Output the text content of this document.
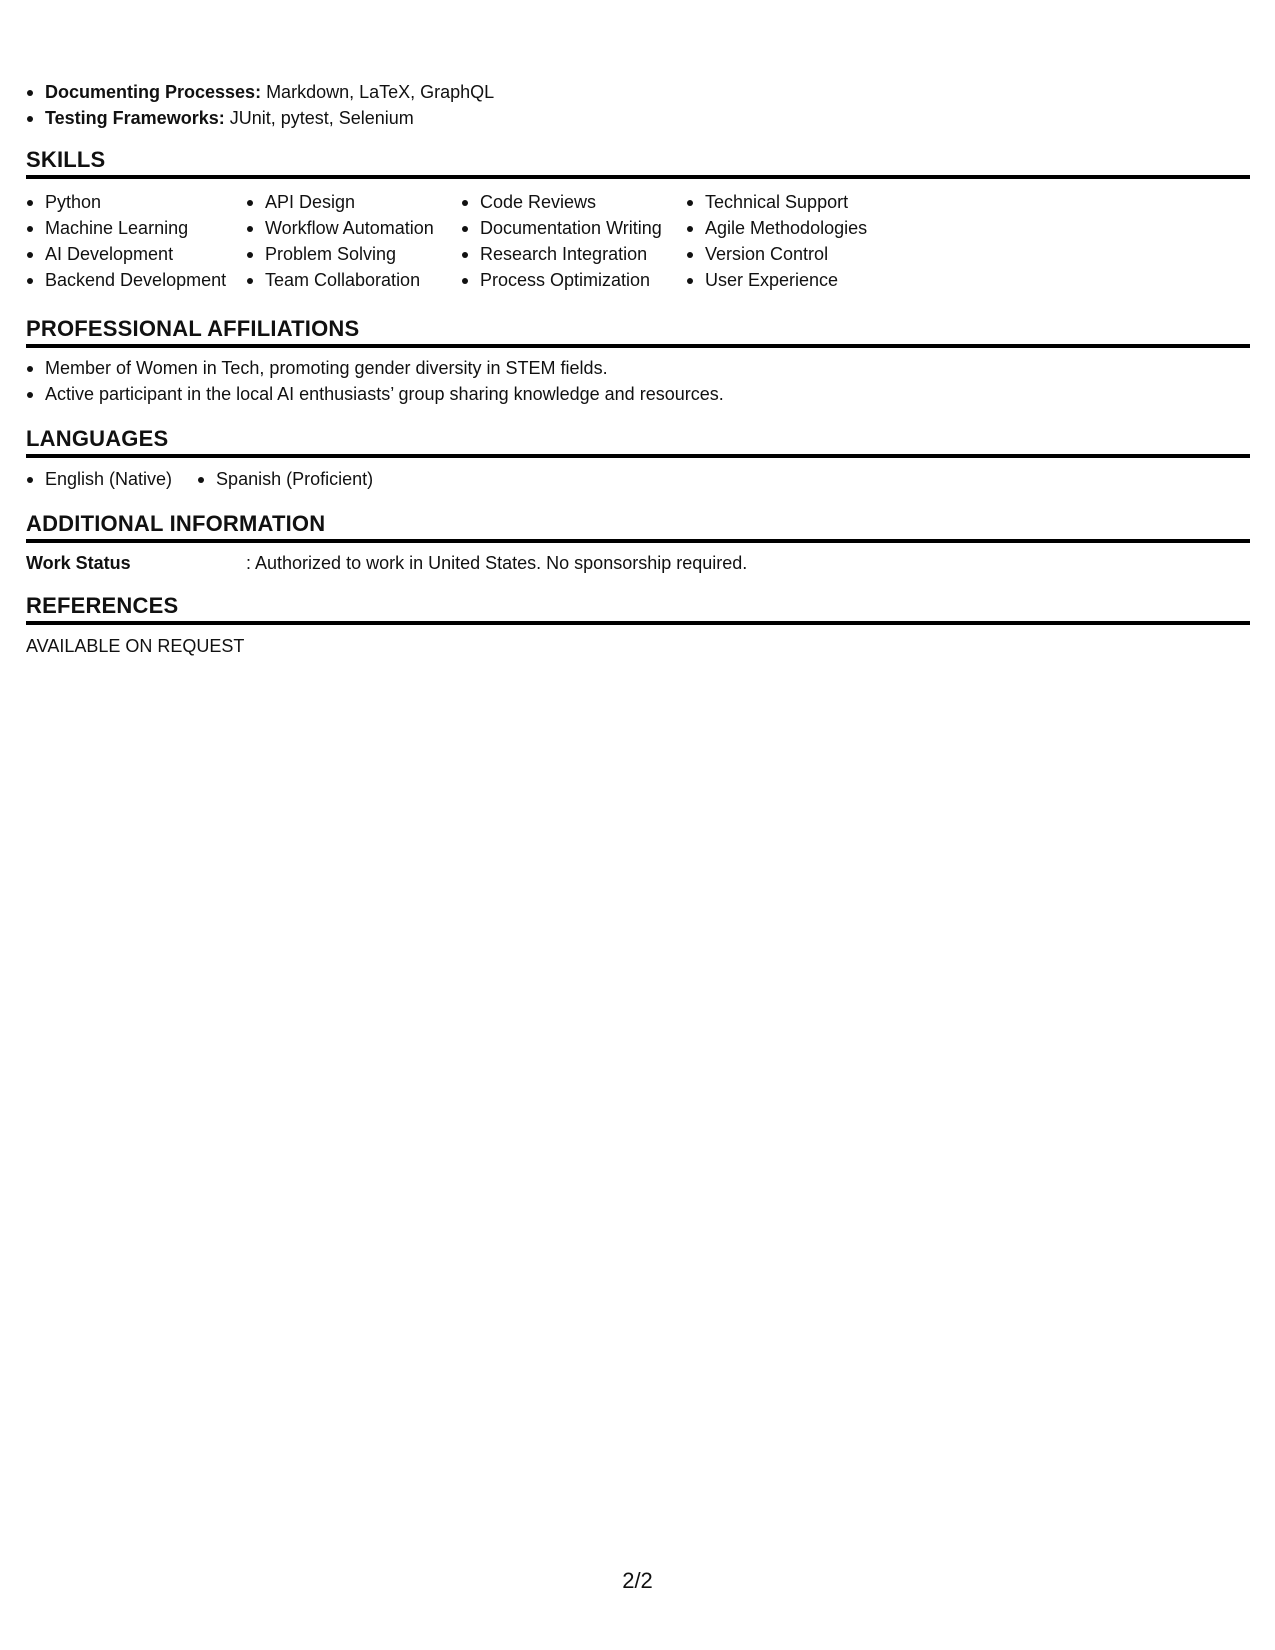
Documenting Processes: Markdown, LaTeX, GraphQL
Testing Frameworks: JUnit, pytest, Selenium
SKILLS
Python
Machine Learning
AI Development
Backend Development
API Design
Workflow Automation
Problem Solving
Team Collaboration
Code Reviews
Documentation Writing
Research Integration
Process Optimization
Technical Support
Agile Methodologies
Version Control
User Experience
PROFESSIONAL AFFILIATIONS
Member of Women in Tech, promoting gender diversity in STEM fields.
Active participant in the local AI enthusiasts’ group sharing knowledge and resources.
LANGUAGES
English (Native)	Spanish (Proficient)
ADDITIONAL INFORMATION
Work Status	: Authorized to work in United States. No sponsorship required.
REFERENCES
AVAILABLE ON REQUEST
2/2
